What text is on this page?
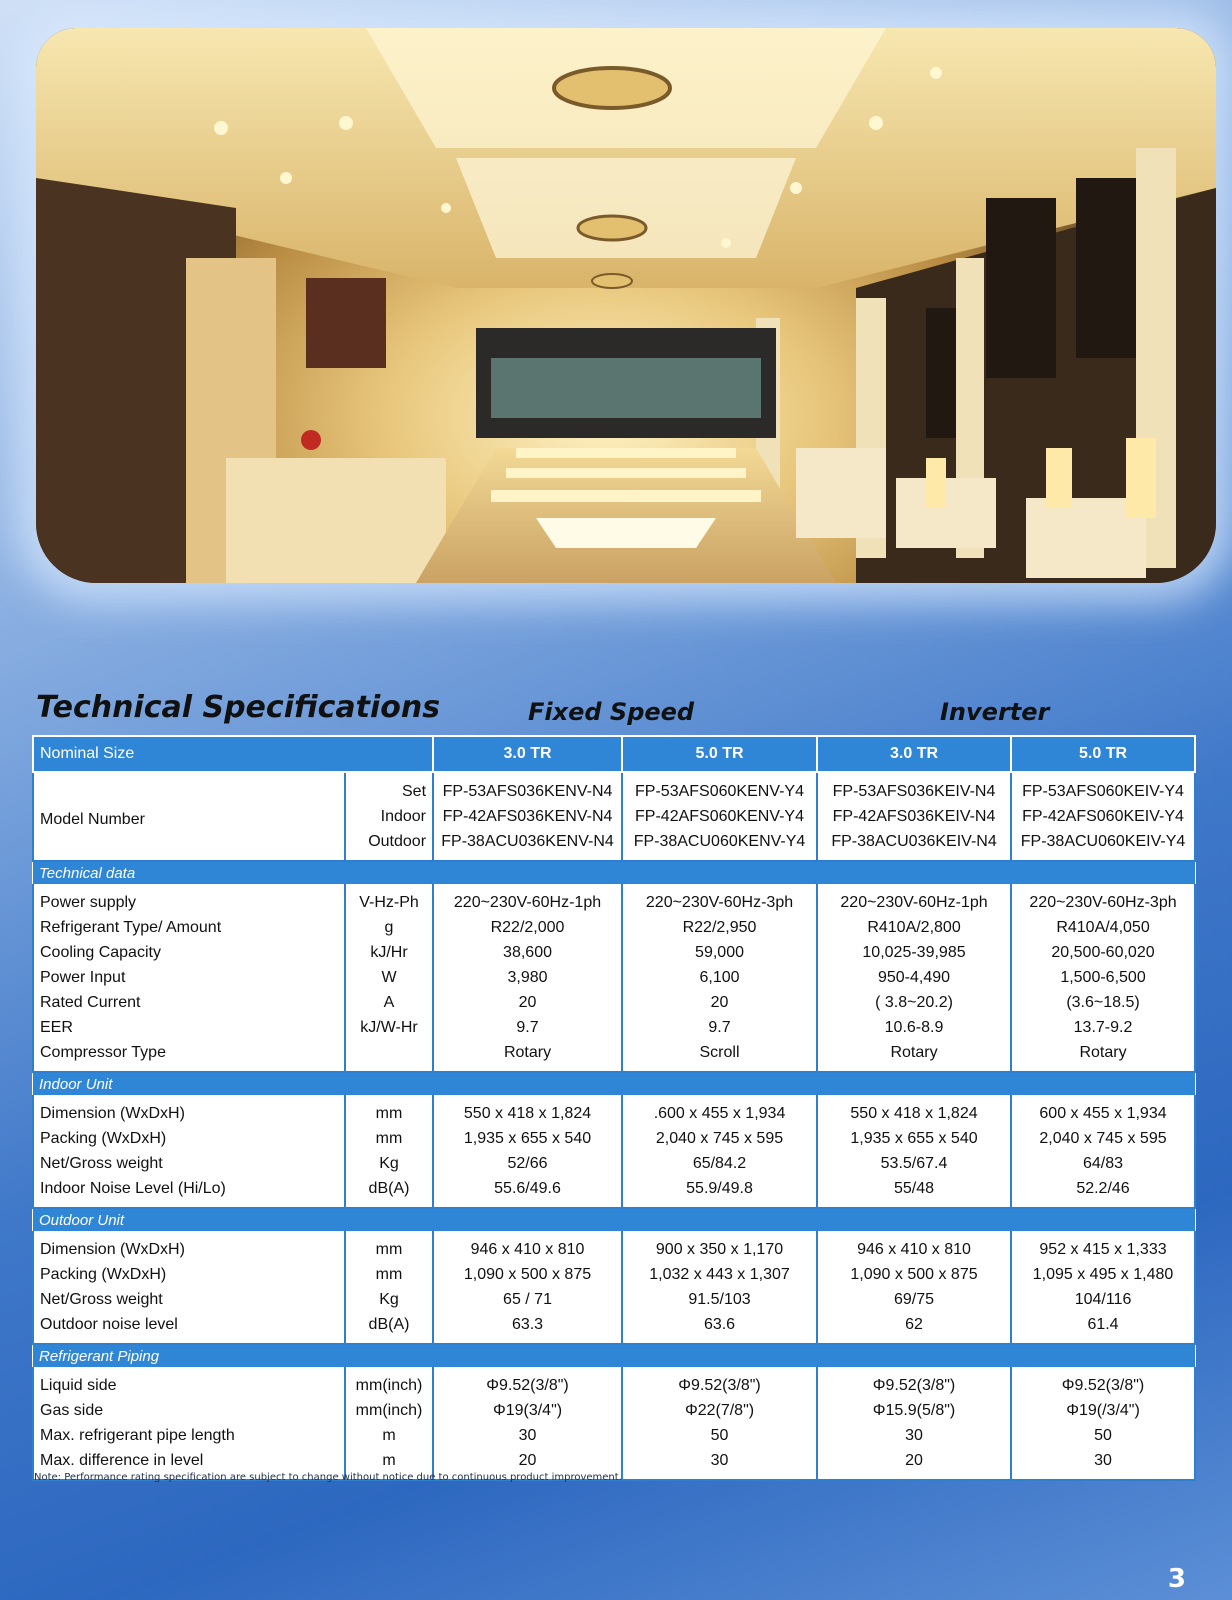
Technical Specifications	Fixed Speed	Inverter
Nominal Size		3.0 TR	5.0 TR	3.0 TR	5.0 TR
Model Number	Set	FP-53AFS036KENV-N4	FP-53AFS060KENV-Y4	FP-53AFS036KEIV-N4	FP-53AFS060KEIV-Y4
	Indoor	FP-42AFS036KENV-N4	FP-42AFS060KENV-Y4	FP-42AFS036KEIV-N4	FP-42AFS060KEIV-Y4
	Outdoor	FP-38ACU036KENV-N4	FP-38ACU060KENV-Y4	FP-38ACU036KEIV-N4	FP-38ACU060KEIV-Y4
Technical data					
Power supply	V-Hz-Ph	220~230V-60Hz-1ph	220~230V-60Hz-3ph	220~230V-60Hz-1ph	220~230V-60Hz-3ph
Refrigerant Type/ Amount	g	R22/2,000	R22/2,950	R410A/2,800	R410A/4,050
Cooling Capacity	kJ/Hr	38,600	59,000	10,025-39,985	20,500-60,020
Power Input	W	3,980	6,100	950-4,490	1,500-6,500
Rated Current	A	20	20	( 3.8~20.2)	(3.6~18.5)
EER	kJ/W-Hr	9.7	9.7	10.6-8.9	13.7-9.2
Compressor Type		Rotary	Scroll	Rotary	Rotary
Indoor Unit					
Dimension (WxDxH)	mm	550 x 418 x 1,824	.600 x 455 x 1,934	550 x 418 x 1,824	600 x 455 x 1,934
Packing (WxDxH)	mm	1,935 x 655 x 540	2,040 x 745 x 595	1,935 x 655 x 540	2,040 x 745 x 595
Net/Gross weight	Kg	52/66	65/84.2	53.5/67.4	64/83
Indoor Noise Level (Hi/Lo)	dB(A)	55.6/49.6	55.9/49.8	55/48	52.2/46
Outdoor Unit					
Dimension (WxDxH)	mm	946 x 410 x 810	900 x 350 x 1,170	946 x 410 x 810	952 x 415 x 1,333
Packing (WxDxH)	mm	1,090 x 500 x 875	1,032 x 443 x 1,307	1,090 x 500 x 875	1,095 x 495 x 1,480
Net/Gross weight	Kg	65 / 71	91.5/103	69/75	104/116
Outdoor noise level	dB(A)	63.3	63.6	62	61.4
Refrigerant Piping					
Liquid side	mm(inch)	Φ9.52(3/8")	Φ9.52(3/8")	Φ9.52(3/8")	Φ9.52(3/8")
Gas side	mm(inch)	Φ19(3/4")	Φ22(7/8")	Φ15.9(5/8")	Φ19(/3/4")
Max. refrigerant pipe length	m	30	50	30	50
Max. difference in level	m	20	30	20	30
Note: Performance rating specification are subject to change without notice due to continuous product improvement.
3
